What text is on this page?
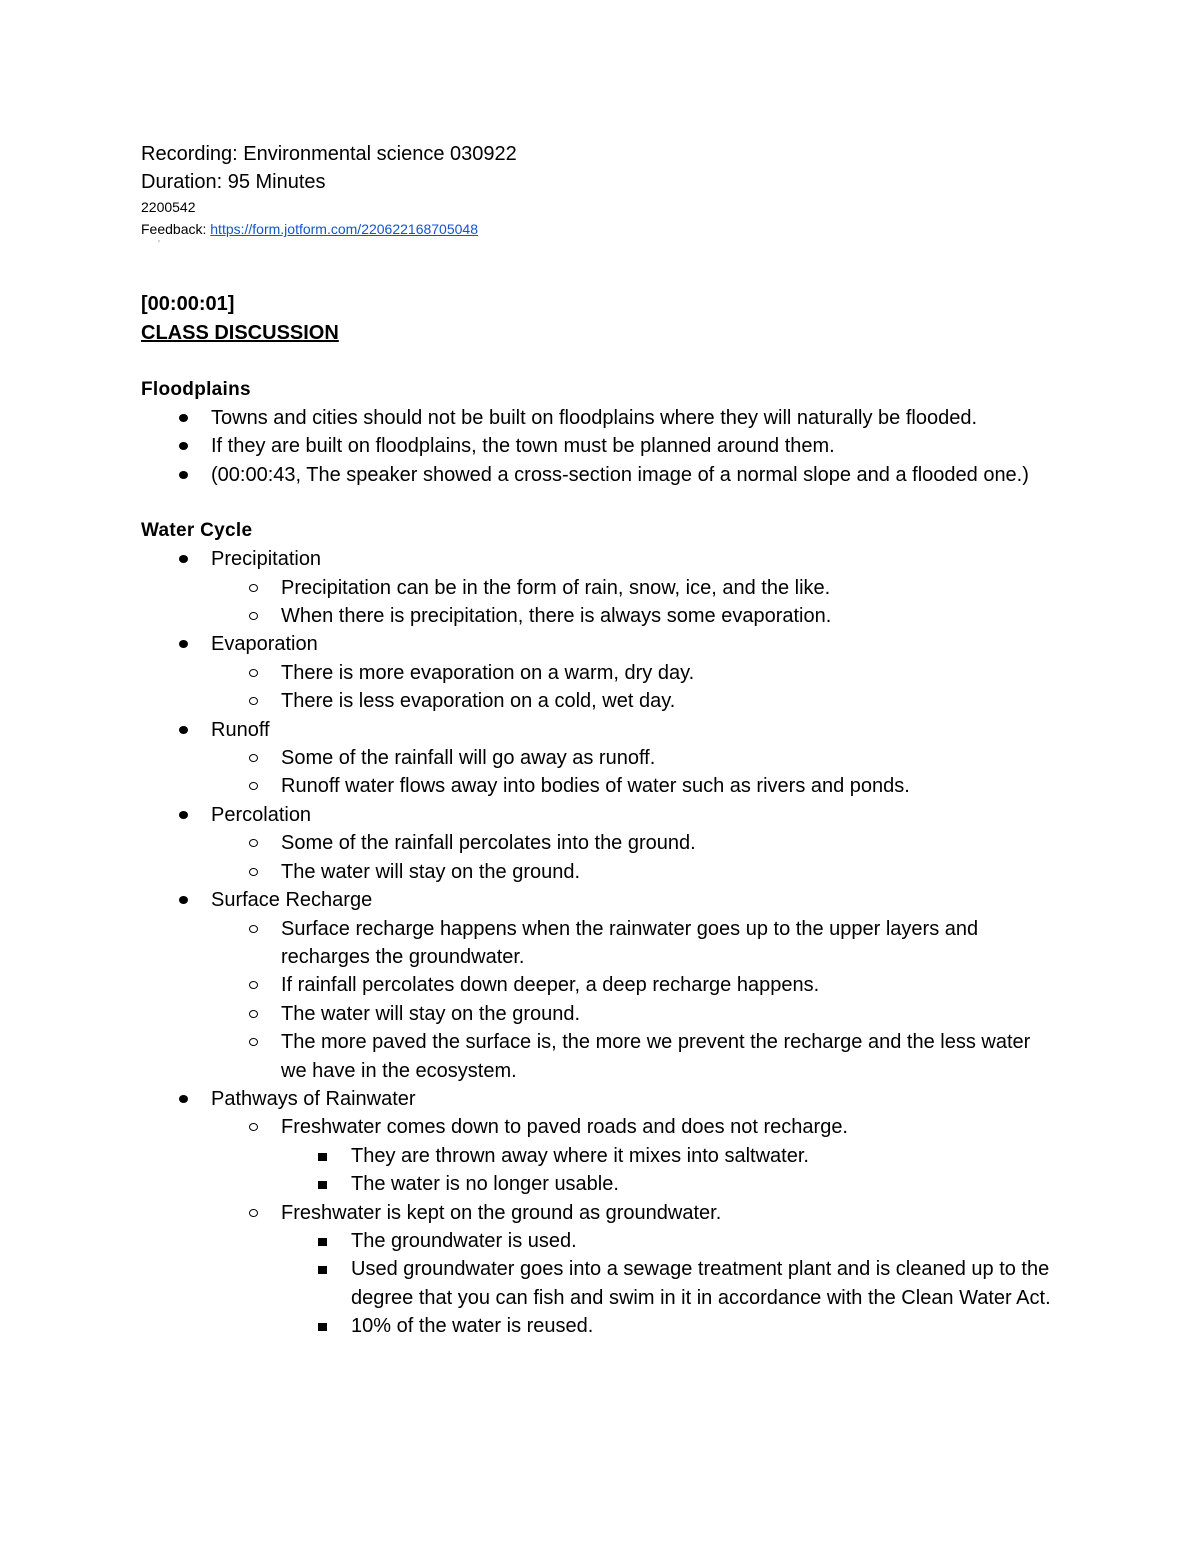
Recording: Environmental science 030922
Duration: 95 Minutes
2200542
Feedback: https://form.jotform.com/220622168705048
'
[00:00:01]
CLASS DISCUSSION
Floodplains
Towns and cities should not be built on floodplains where they will naturally be flooded.
If they are built on floodplains, the town must be planned around them.
(00:00:43, The speaker showed a cross-section image of a normal slope and a flooded one.)
Water Cycle
Precipitation
Precipitation can be in the form of rain, snow, ice, and the like.
When there is precipitation, there is always some evaporation.
Evaporation
There is more evaporation on a warm, dry day.
There is less evaporation on a cold, wet day.
Runoff
Some of the rainfall will go away as runoff.
Runoff water flows away into bodies of water such as rivers and ponds.
Percolation
Some of the rainfall percolates into the ground.
The water will stay on the ground.
Surface Recharge
Surface recharge happens when the rainwater goes up to the upper layers and recharges the groundwater.
If rainfall percolates down deeper, a deep recharge happens.
The water will stay on the ground.
The more paved the surface is, the more we prevent the recharge and the less water we have in the ecosystem.
Pathways of Rainwater
Freshwater comes down to paved roads and does not recharge.
They are thrown away where it mixes into saltwater.
The water is no longer usable.
Freshwater is kept on the ground as groundwater.
The groundwater is used.
Used groundwater goes into a sewage treatment plant and is cleaned up to the degree that you can fish and swim in it in accordance with the Clean Water Act.
10% of the water is reused.
